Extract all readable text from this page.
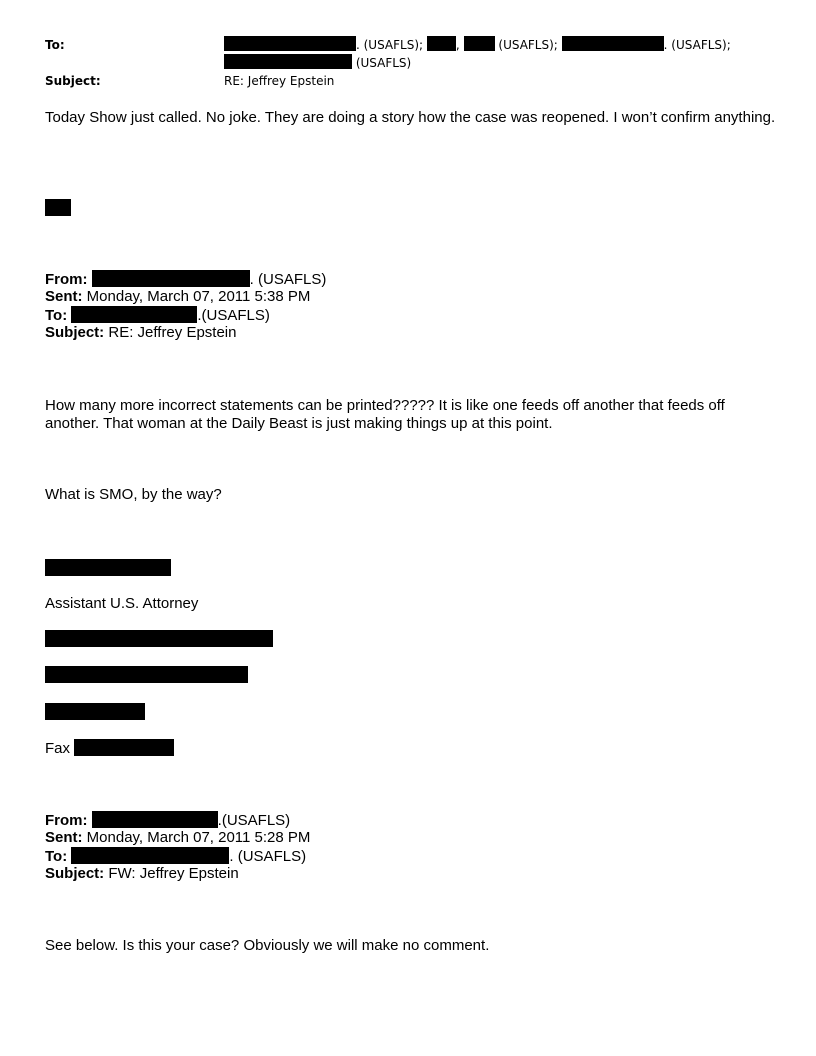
To:	. (USAFLS);	,	(USAFLS);	. (USAFLS);
(USAFLS)
Subject:	RE: Jeffrey Epstein
Today Show just called. No joke. They are doing a story how the case was reopened. I won’t confirm anything.
From:	. (USAFLS)
Sent: Monday, March 07, 2011 5:38 PM
To:	.(USAFLS)
Subject: RE: Jeffrey Epstein
How many more incorrect statements can be printed????? It is like one feeds off another that feeds off another. That woman at the Daily Beast is just making things up at this point.
What is SMO, by the way?
Assistant U.S. Attorney
Fax
From:	.(USAFLS)
Sent: Monday, March 07, 2011 5:28 PM
To:	. (USAFLS)
Subject: FW: Jeffrey Epstein
See below. Is this your case? Obviously we will make no comment.
